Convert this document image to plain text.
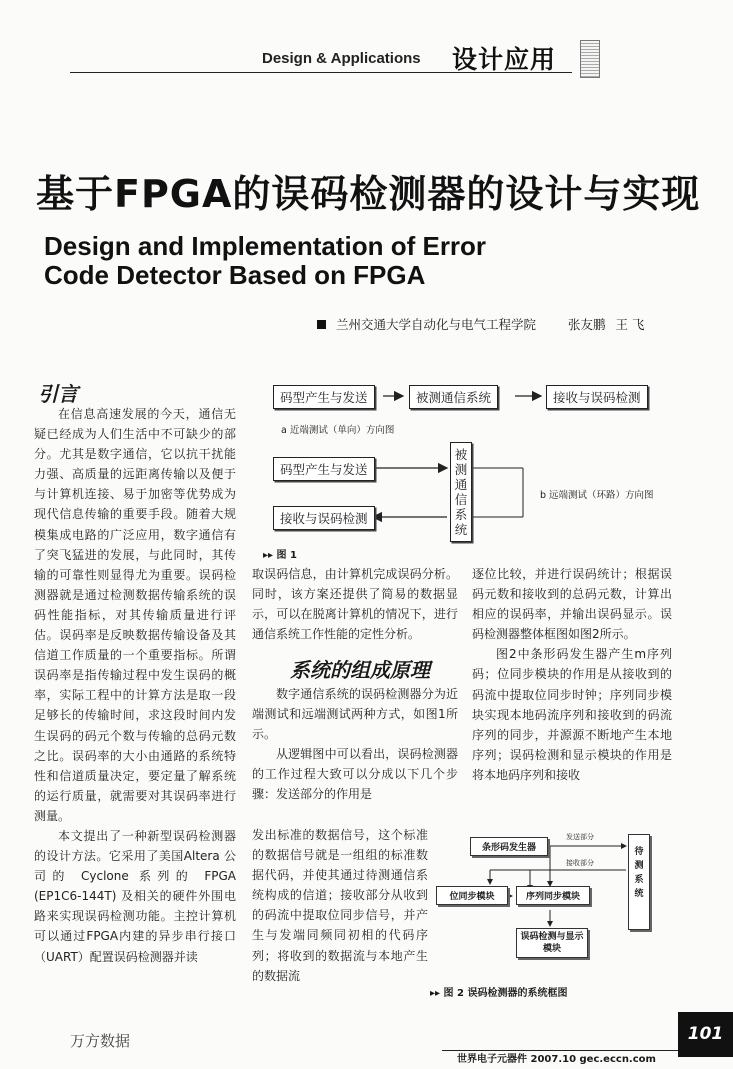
Design & Applications 设计应用
基于FPGA的误码检测器的设计与实现
Design and Implementation of Error
Code Detector Based on FPGA
兰州交通大学自动化与电气工程学院	张友鹏 王 飞
引言

在信息高速发展的今天，通信无疑已经成为人们生活中不可缺少的部分。尤其是数字通信，它以抗干扰能力强、高质量的远距离传输以及便于与计算机连接、易于加密等优势成为现代信息传输的重要手段。随着大规模集成电路的广泛应用，数字通信有了突飞猛进的发展，与此同时，其传输的可靠性则显得尤为重要。误码检测器就是通过检测数据传输系统的误码性能指标，对其传输质量进行评估。误码率是反映数据传输设备及其信道工作质量的一个重要指标。所谓误码率是指传输过程中发生误码的概率，实际工程中的计算方法是取一段足够长的传输时间，求这段时间内发生误码的码元个数与传输的总码元数之比。误码率的大小由通路的系统特性和信道质量决定，要定量了解系统的运行质量，就需要对其误码率进行测量。

本文提出了一种新型误码检测器的设计方法。它采用了美国Altera 公司的 Cyclone 系列的 FPGA (EP1C6-144T) 及相关的硬件外围电路来实现误码检测功能。主控计算机可以通过FPGA内建的异步串行接口（UART）配置误码检测器并读

码型产生与发送	被测通信系统	接收与误码检测
a 近端测试（单向）方向图
码型产生与发送
被测通信系统
接收与误码检测
b 远端测试（环路）方向图
▸▸ 图 1

取误码信息，由计算机完成误码分析。同时，该方案还提供了简易的数据显示，可以在脱离计算机的情况下，进行通信系统工作性能的定性分析。

系统的组成原理

数字通信系统的误码检测器分为近端测试和远端测试两种方式，如图1所示。

从逻辑图中可以看出，误码检测器的工作过程大致可以分成以下几个步骤：发送部分的作用是

发出标准的数据信号，这个标准的数据信号就是一组组的标准数据代码，并使其通过待测通信系统构成的信道；接收部分从收到的码流中提取位同步信号，并产生与发端同频同初相的代码序列；将收到的数据流与本地产生的数据流

逐位比较，并进行误码统计；根据误码元数和接收到的总码元数，计算出相应的误码率，并输出误码显示。误码检测器整体框图如图2所示。

图2中条形码发生器产生m序列码；位同步模块的作用是从接收到的码流中提取位同步时钟；序列同步模块实现本地码流序列和接收到的码流序列的同步，并源源不断地产生本地序列；误码检测和显示模块的作用是将本地码序列和接收

条形码发生器
发送部分
接收部分
待测系统
位同步模块	序列同步模块
误码检测与显示模块
▸▸ 图 2 误码检测器的系统框图
万方数据
世界电子元器件 2007.10 gec.eccn.com
101
